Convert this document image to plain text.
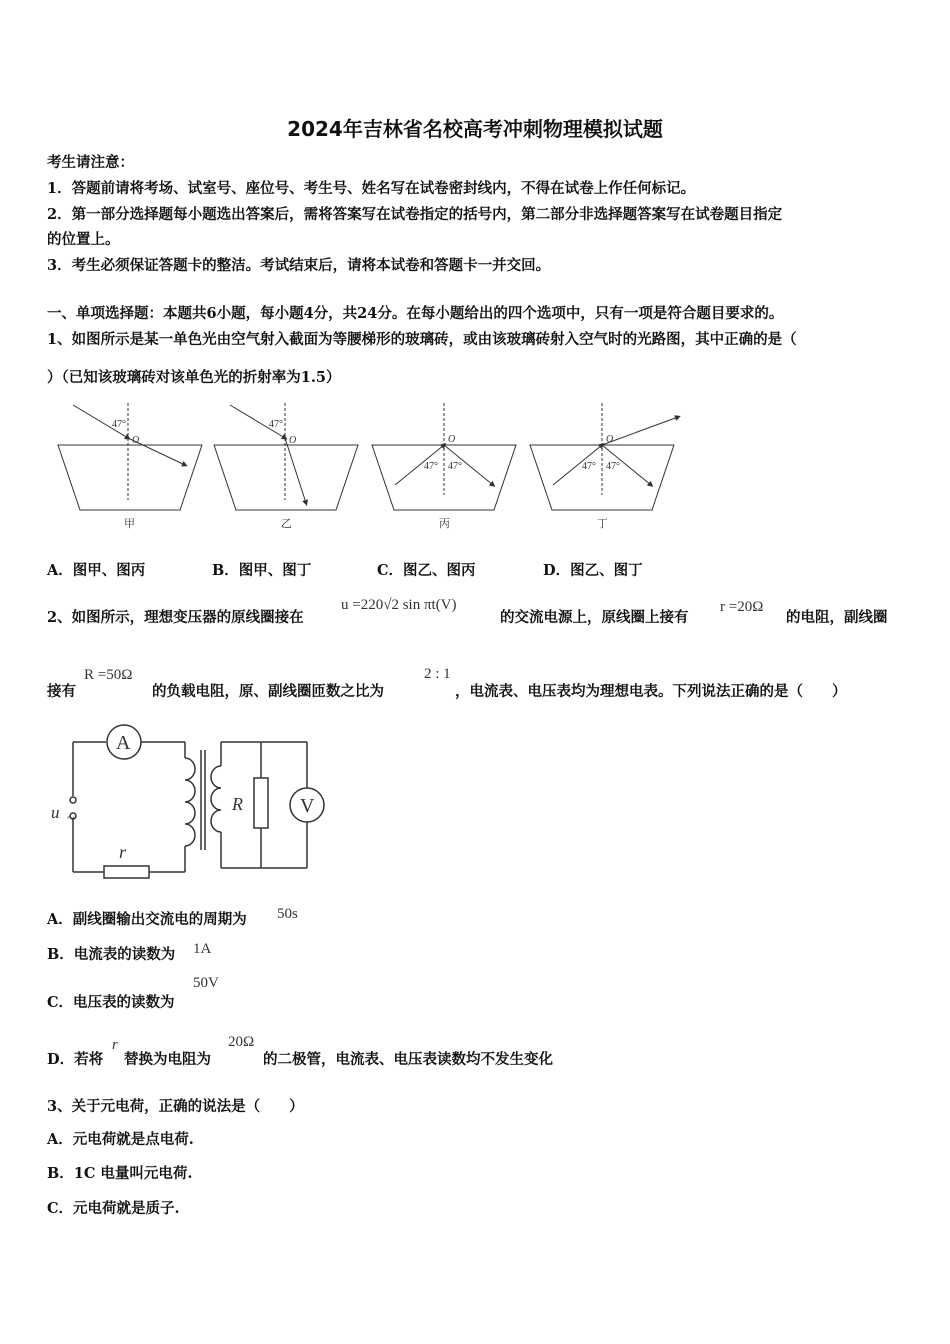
2024年吉林省名校高考冲刺物理模拟试题
考生请注意：
1．答题前请将考场、试室号、座位号、考生号、姓名写在试卷密封线内，不得在试卷上作任何标记。
2．第一部分选择题每小题选出答案后，需将答案写在试卷指定的括号内，第二部分非选择题答案写在试卷题目指定
的位置上。
3．考生必须保证答题卡的整洁。考试结束后，请将本试卷和答题卡一并交回。
一、单项选择题：本题共6小题，每小题4分，共24分。在每小题给出的四个选项中，只有一项是符合题目要求的。
1、如图所示是某一单色光由空气射入截面为等腰梯形的玻璃砖，或由该玻璃砖射入空气时的光路图，其中正确的是（
）（已知该玻璃砖对该单色光的折射率为1.5）
47°
O
47°
O	O
47° 47°
O
47° 47°
甲	乙	丙	丁
A．图甲、图丙	B．图甲、图丁	C．图乙、图丙	D．图乙、图丁
2、如图所示，理想变压器的原线圈接在
u =220√2 sin πt(V)
的交流电源上，原线圈上接有
r =20Ω
的电阻，副线圈
接有
R =50Ω
的负载电阻，原、副线圈匝数之比为
2 : 1
，电流表、电压表均为理想电表。下列说法正确的是（　　）
A
V
R
r
u ~
A．副线圈输出交流电的周期为 50s
B．电流表的读数为 1A
C．电压表的读数为
50V
D．若将
r
替换为电阻为
20Ω
的二极管，电流表、电压表读数均不发生变化
3、关于元电荷，正确的说法是（　　）
A．元电荷就是点电荷.
B．1C 电量叫元电荷.
C．元电荷就是质子.
